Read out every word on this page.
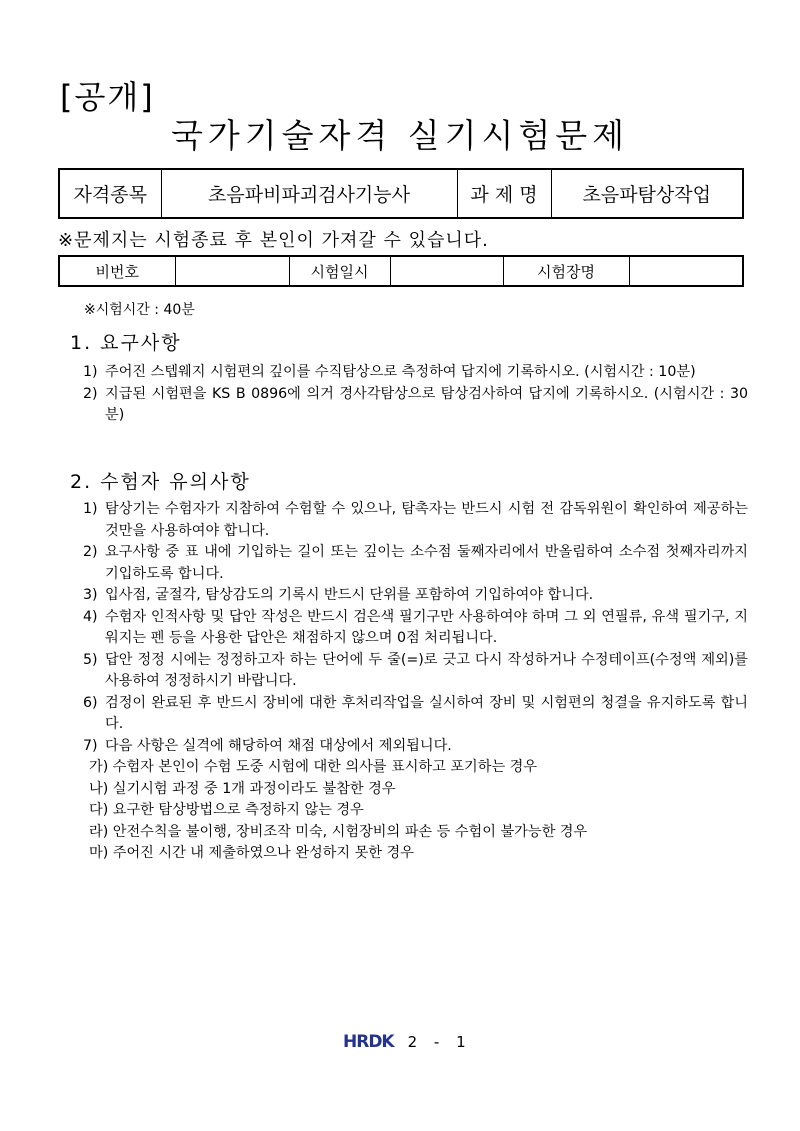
[공개]
국가기술자격 실기시험문제
자격종목	초음파비파괴검사기능사	과 제 명	초음파탐상작업
※문제지는 시험종료 후 본인이 가져갈 수 있습니다.
비번호		시험일시		시험장명	
※시험시간 : 40분
1. 요구사항
1) 주어진 스텝웨지 시험편의 깊이를 수직탐상으로 측정하여 답지에 기록하시오. (시험시간 : 10분)
2) 지급된 시험편을 KS B 0896에 의거 경사각탐상으로 탐상검사하여 답지에 기록하시오. (시험시간 : 30분)
2. 수험자 유의사항
1) 탐상기는 수험자가 지참하여 수험할 수 있으나, 탐촉자는 반드시 시험 전 감독위원이 확인하여 제공하는 것만을 사용하여야 합니다.
2) 요구사항 중 표 내에 기입하는 길이 또는 깊이는 소수점 둘째자리에서 반올림하여 소수점 첫째자리까지 기입하도록 합니다.
3) 입사점, 굴절각, 탐상감도의 기록시 반드시 단위를 포함하여 기입하여야 합니다.
4) 수험자 인적사항 및 답안 작성은 반드시 검은색 필기구만 사용하여야 하며 그 외 연필류, 유색 필기구, 지워지는 펜 등을 사용한 답안은 채점하지 않으며 0점 처리됩니다.
5) 답안 정정 시에는 정정하고자 하는 단어에 두 줄(=)로 긋고 다시 작성하거나 수정테이프(수정액 제외)를 사용하여 정정하시기 바랍니다.
6) 검정이 완료된 후 반드시 장비에 대한 후처리작업을 실시하여 장비 및 시험편의 청결을 유지하도록 합니다.
7) 다음 사항은 실격에 해당하여 채점 대상에서 제외됩니다.
가) 수험자 본인이 수험 도중 시험에 대한 의사를 표시하고 포기하는 경우
나) 실기시험 과정 중 1개 과정이라도 불참한 경우
다) 요구한 탐상방법으로 측정하지 않는 경우
라) 안전수칙을 불이행, 장비조작 미숙, 시험장비의 파손 등 수험이 불가능한 경우
마) 주어진 시간 내 제출하였으나 완성하지 못한 경우
HRDK 2 - 1
